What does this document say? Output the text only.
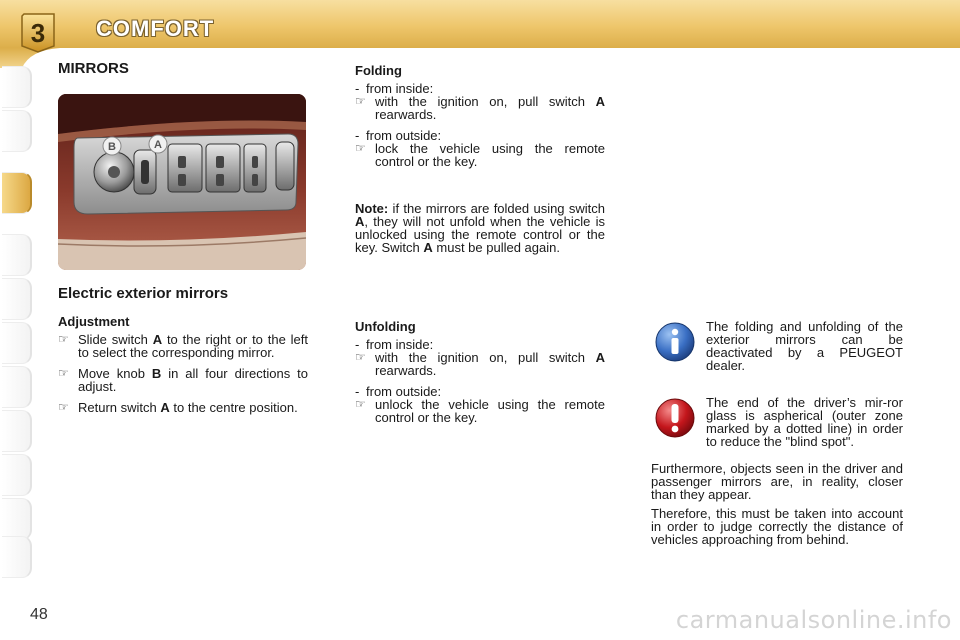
3 COMFORT
MIRRORS
B	A
Electric exterior mirrors
Adjustment
☞ Slide switch A to the right or to the left to select the corresponding mirror.
☞ Move knob B in all four directions to adjust.
☞ Return switch A to the centre position.
Folding
- from inside:
☞ with the ignition on, pull switch A rearwards.
- from outside:
☞ lock the vehicle using the remote control or the key.

Note: if the mirrors are folded using switch A, they will not unfold when the vehicle is unlocked using the remote control or the key. Switch A must be pulled again.

Unfolding
- from inside:
☞ with the ignition on, pull switch A rearwards.
- from outside:
☞ unlock the vehicle using the remote control or the key.

The folding and unfolding of the exterior mirrors can be deactivated by a PEUGEOT dealer.

The end of the driver’s mir-ror glass is aspherical (outer zone marked by a dotted line) in order to reduce the "blind spot".

Furthermore, objects seen in the driver and passenger mirrors are, in reality, closer than they appear.

Therefore, this must be taken into account in order to judge correctly the distance of vehicles approaching from behind.

48	carmanualsonline.info
